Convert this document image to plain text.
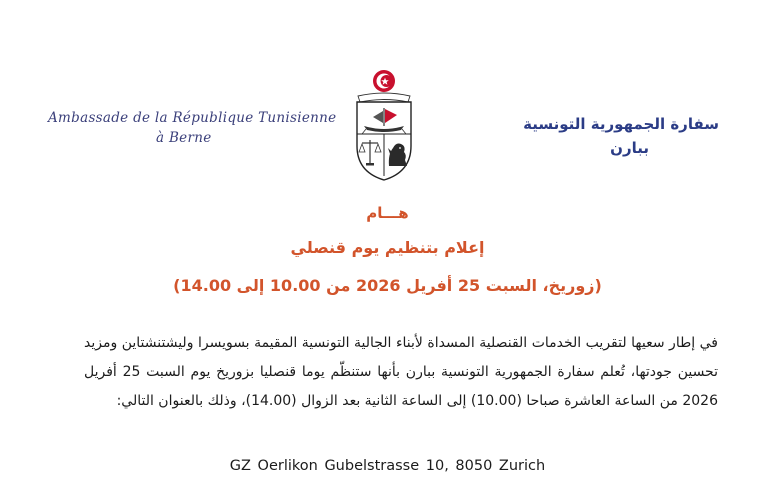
Ambassade de la République Tunisienne
à Berne
سفارة الجمهورية التونسية
ببارن
هـــام
إعلام بتنظيم يوم قنصلي
(زوريخ، السبت 25 أفريل 2026 من 10.00 إلى 14.00)
في إطار سعيها لتقريب الخدمات القنصلية المسداة لأبناء الجالية التونسية المقيمة بسويسرا وليشتنشتاين ومزيد تحسين جودتها، تُعلم سفارة الجمهورية التونسية ببارن بأنها ستنظّم يوما قنصليا بزوريخ يوم السبت 25 أفريل 2026 من الساعة العاشرة صباحا (10.00) إلى الساعة الثانية بعد الزوال (14.00)، وذلك بالعنوان التالي:
GZ Oerlikon Gubelstrasse 10, 8050 Zurich
